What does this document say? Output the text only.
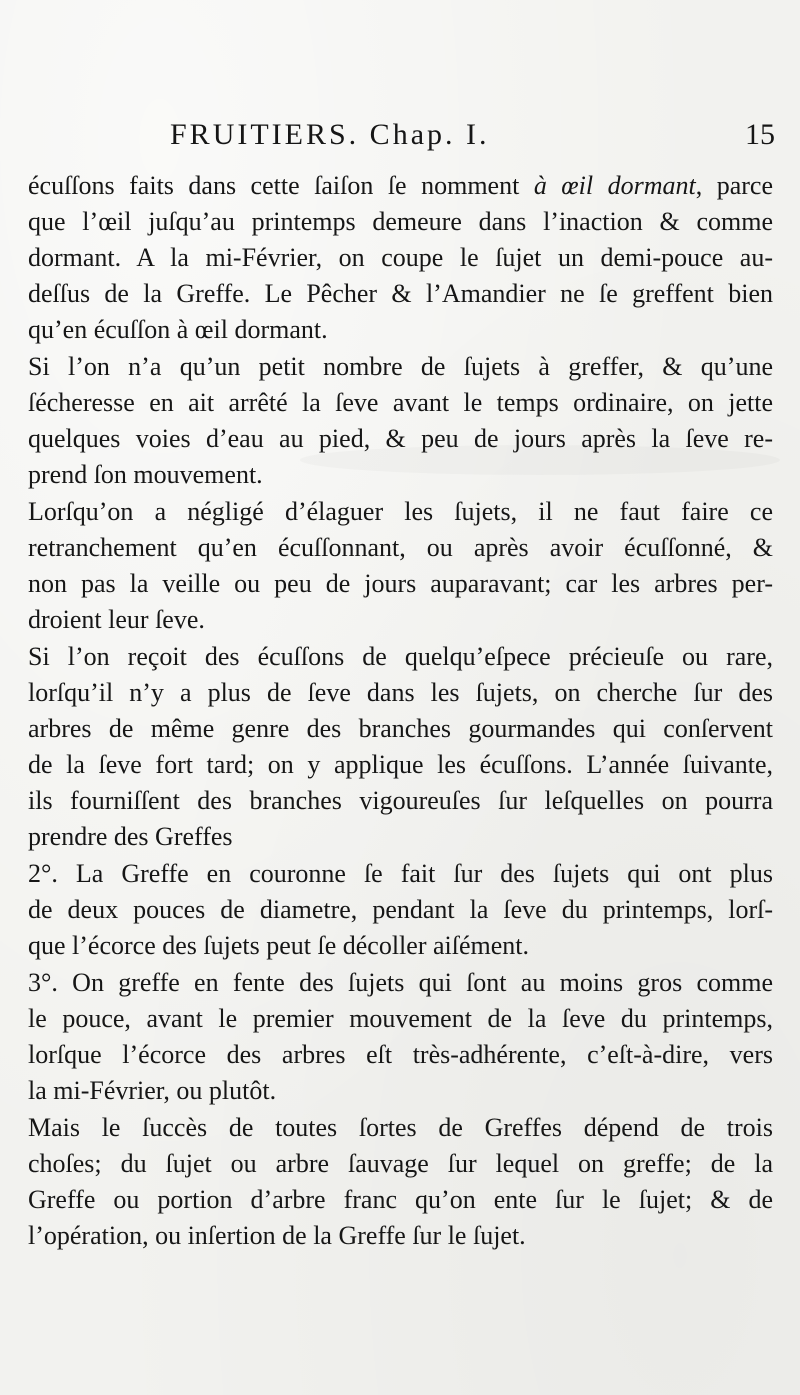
FRUITIERS. Chap. I.	15
écuſſons faits dans cette ſaiſon ſe nomment à œil dormant, parce
que l’œil juſqu’au printemps demeure dans l’inaction & comme
dormant. A la mi-Février, on coupe le ſujet un demi-pouce au-
deſſus de la Greffe. Le Pêcher & l’Amandier ne ſe greffent bien
qu’en écuſſon à œil dormant.
Si l’on n’a qu’un petit nombre de ſujets à greffer, & qu’une
ſécheresse en ait arrêté la ſeve avant le temps ordinaire, on jette
quelques voies d’eau au pied, & peu de jours après la ſeve re-
prend ſon mouvement.
Lorſqu’on a négligé d’élaguer les ſujets, il ne faut faire ce
retranchement qu’en écuſſonnant, ou après avoir écuſſonné, &
non pas la veille ou peu de jours auparavant; car les arbres per-
droient leur ſeve.
Si l’on reçoit des écuſſons de quelqu’eſpece précieuſe ou rare,
lorſqu’il n’y a plus de ſeve dans les ſujets, on cherche ſur des
arbres de même genre des branches gourmandes qui conſervent
de la ſeve fort tard; on y applique les écuſſons. L’année ſuivante,
ils fourniſſent des branches vigoureuſes ſur leſquelles on pourra
prendre des Greffes
2°. La Greffe en couronne ſe fait ſur des ſujets qui ont plus
de deux pouces de diametre, pendant la ſeve du printemps, lorſ-
que l’écorce des ſujets peut ſe décoller aiſément.
3°. On greffe en fente des ſujets qui ſont au moins gros comme
le pouce, avant le premier mouvement de la ſeve du printemps,
lorſque l’écorce des arbres eſt très-adhérente, c’eſt-à-dire, vers
la mi-Février, ou plutôt.
Mais le ſuccès de toutes ſortes de Greffes dépend de trois
choſes; du ſujet ou arbre ſauvage ſur lequel on greffe; de la
Greffe ou portion d’arbre franc qu’on ente ſur le ſujet; & de
l’opération, ou inſertion de la Greffe ſur le ſujet.
